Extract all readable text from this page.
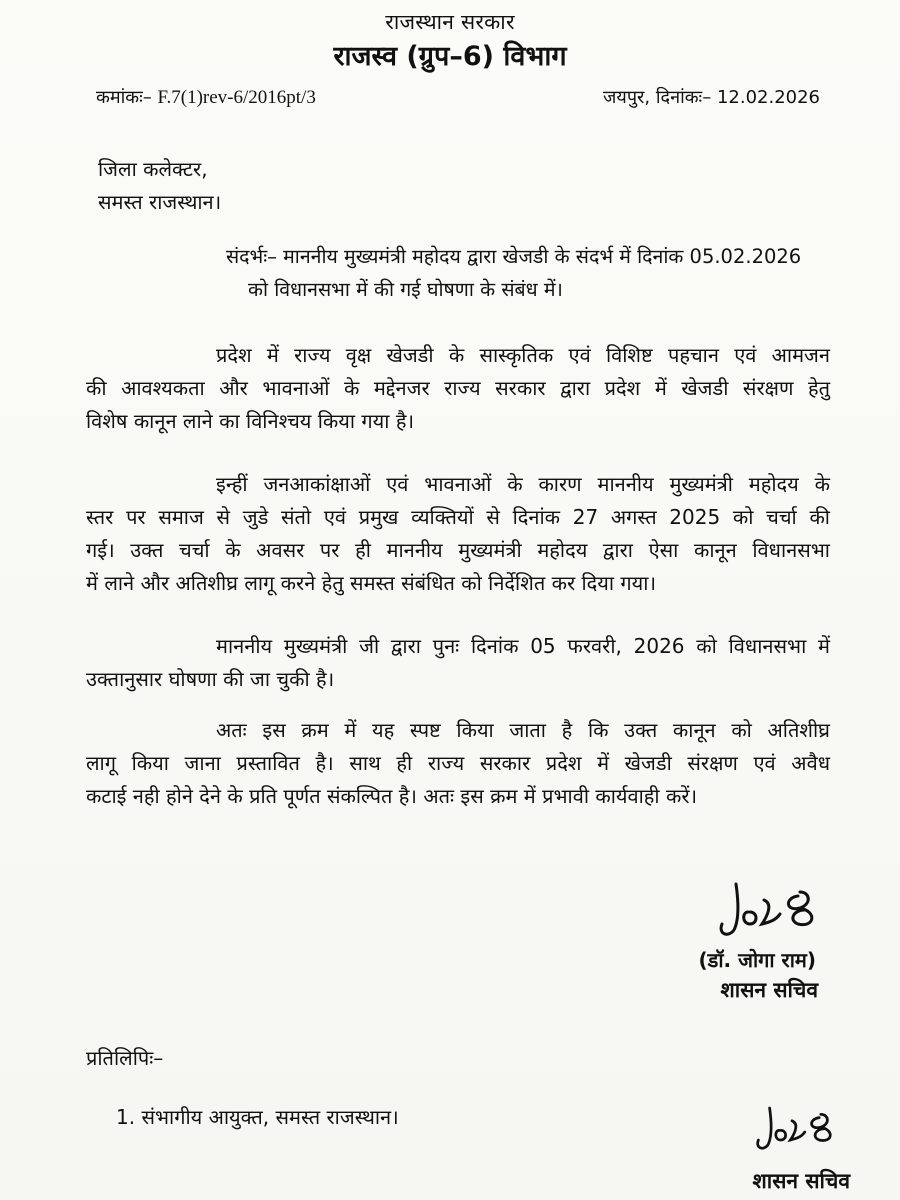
राजस्थान सरकार
राजस्व (ग्रुप–6) विभाग
कमांकः– F.7(1)rev-6/2016pt/3	जयपुर, दिनांकः– 12.02.2026
जिला कलेक्टर,
समस्त राजस्थान।
संदर्भः– माननीय मुख्यमंत्री महोदय द्वारा खेजडी के संदर्भ में दिनांक 05.02.2026
को विधानसभा में की गई घोषणा के संबंध में।
प्रदेश में राज्य वृक्ष खेजडी के सास्कृतिक एवं विशिष्ट पहचान एवं आमजन
की आवश्यकता और भावनाओं के मद्देनजर राज्य सरकार द्वारा प्रदेश में खेजडी संरक्षण हेतु
विशेष कानून लाने का विनिश्चय किया गया है।
इन्हीं जनआकांक्षाओं एवं भावनाओं के कारण माननीय मुख्यमंत्री महोदय के
स्तर पर समाज से जुडे संतो एवं प्रमुख व्यक्तियों से दिनांक 27 अगस्त 2025 को चर्चा की
गई। उक्त चर्चा के अवसर पर ही माननीय मुख्यमंत्री महोदय द्वारा ऐसा कानून विधानसभा
में लाने और अतिशीघ्र लागू करने हेतु समस्त संबंधित को निर्देशित कर दिया गया।
माननीय मुख्यमंत्री जी द्वारा पुनः दिनांक 05 फरवरी, 2026 को विधानसभा में
उक्तानुसार घोषणा की जा चुकी है।
अतः इस क्रम में यह स्पष्ट किया जाता है कि उक्त कानून को अतिशीघ्र
लागू किया जाना प्रस्तावित है। साथ ही राज्य सरकार प्रदेश में खेजडी संरक्षण एवं अवैध
कटाई नही होने देने के प्रति पूर्णत संकल्पित है। अतः इस क्रम में प्रभावी कार्यवाही करें।
(डॉ. जोगा राम)
शासन सचिव
प्रतिलिपिः–
1. संभागीय आयुक्त, समस्त राजस्थान।
शासन सचिव
